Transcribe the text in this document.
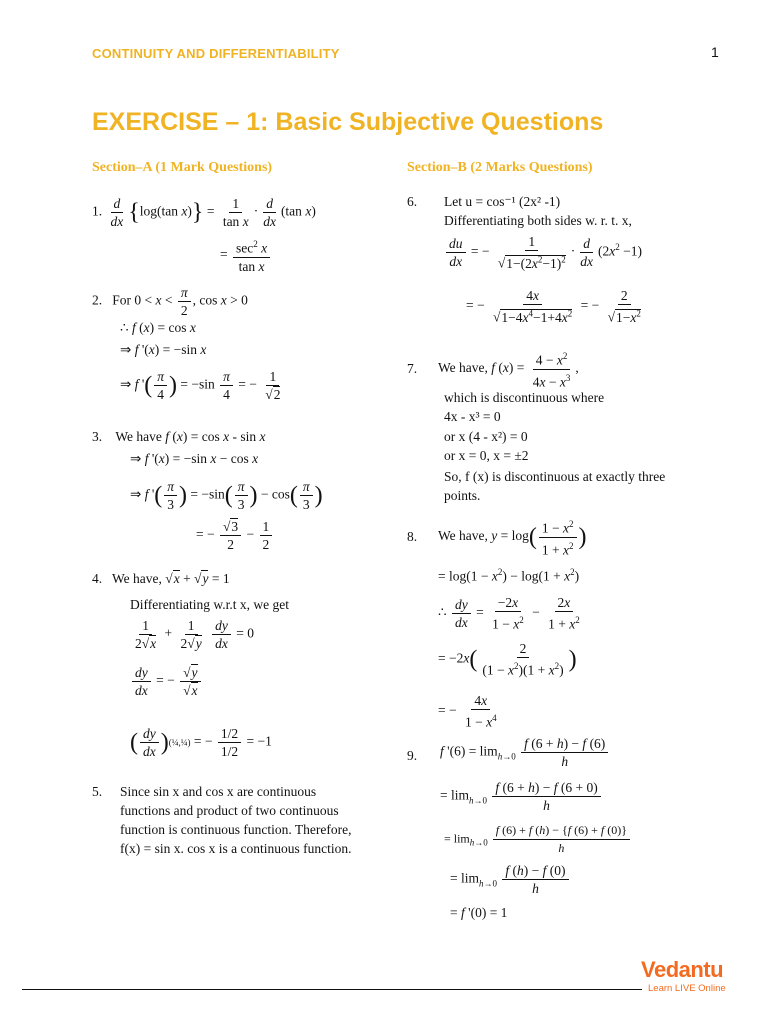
CONTINUITY AND DIFFERENTIABILITY	1
EXERCISE – 1: Basic Subjective Questions
Section–A (1 Mark Questions)	Section–B (2 Marks Questions)
1. $\frac{d}{dx} \{\log(\tan$ $x)\} = \frac{1}{\text{tan x}} \cdot \frac{d}{dx} (\tan$ x)
= $\sec^2 x$
tan x
2.   For $0 < x < \frac{\pi}{2}$ , cos x > 0
∴ f (x) = cos x
⇒ f '(x) = −sin x
⇒ f '( $\frac{\pi}{4}$ ) = $-\sin \frac{\pi}{4}$ = − $\frac{1}{√2}$
3.    We have f (x) = cos x - sin x
⇒ f '(x) = −sin x − cos x
⇒ f '( $\frac{\pi}{3}$ ) = $-\sin( \frac{\pi}{3}$ ) − $\cos( \frac{\pi}{3}$ )
= − $\frac{√3}{2} - \frac{1}{2}$
4.   We have, √x + √y = 1
Differentiating w.r.t x, we get
$\frac{1}{2√x} + \frac{1}{2√y}$
$\frac{dy}{dx} = 0$
$\frac{dy}{dx}$ = − $\frac{√y}{√x}$
( $\frac{dy}{dx}$ )(¼,¼) = − $\frac{1/2}{1/2} = -1$
5. Since sin x and cos x are continuous functions and product of two continuous function is continuous function. Therefore, f(x) = sin x. cos x is a continuous function.
6. Let u = cos⁻¹ (2x² -1)
Differentiating both sides w. r. t. x,
$\frac{du}{dx}$ = − $\frac{1}{√1-(2x^2-1)^2} \cdot \frac{d}{dx} (2x^2 -1)$
= − $\frac{4x}{√1-4x^4-1+4x^2}$ = − $\frac{2}{√1-x^2}$
7. We have, f $(x) = \frac{4 - x^2}{4x - x^3}$ ,
which is discontinuous where
4x - x³ = 0
or x (4 - x²) = 0
or x = 0, x = ±2
So, f (x) is discontinuous at exactly three points.
8. We have, $y = \log( \frac{1 - x^2}{1 + x^2}$ )
= $\log(1 - x^2) - \log(1 + x^2)$
∴ $\frac{dy}{dx} = \frac{-2x}{1 - x^2} - \frac{2x}{1 + x^2}$
= $-2x( \frac{2}{(1 - x^2)(1 + x^2)}$ )
= − $\frac{4x}{1 - x^4}$
9. f '$(6) = \lim_{h\to 0} \frac{f (6 + h) - f (6)}{h}$
= $\lim_{h\to 0} \frac{f (6 + h) - f (6 + 0)}{h}$
= $\lim_{h\to 0} \frac{f (6) + f (h) - \{f (6) + f (0)\}}{h}$
= $\lim_{h\to 0} \frac{f (h) - f (0)}{h}$
= f '(0) = 1
Vedantu
Learn LIVE Online
